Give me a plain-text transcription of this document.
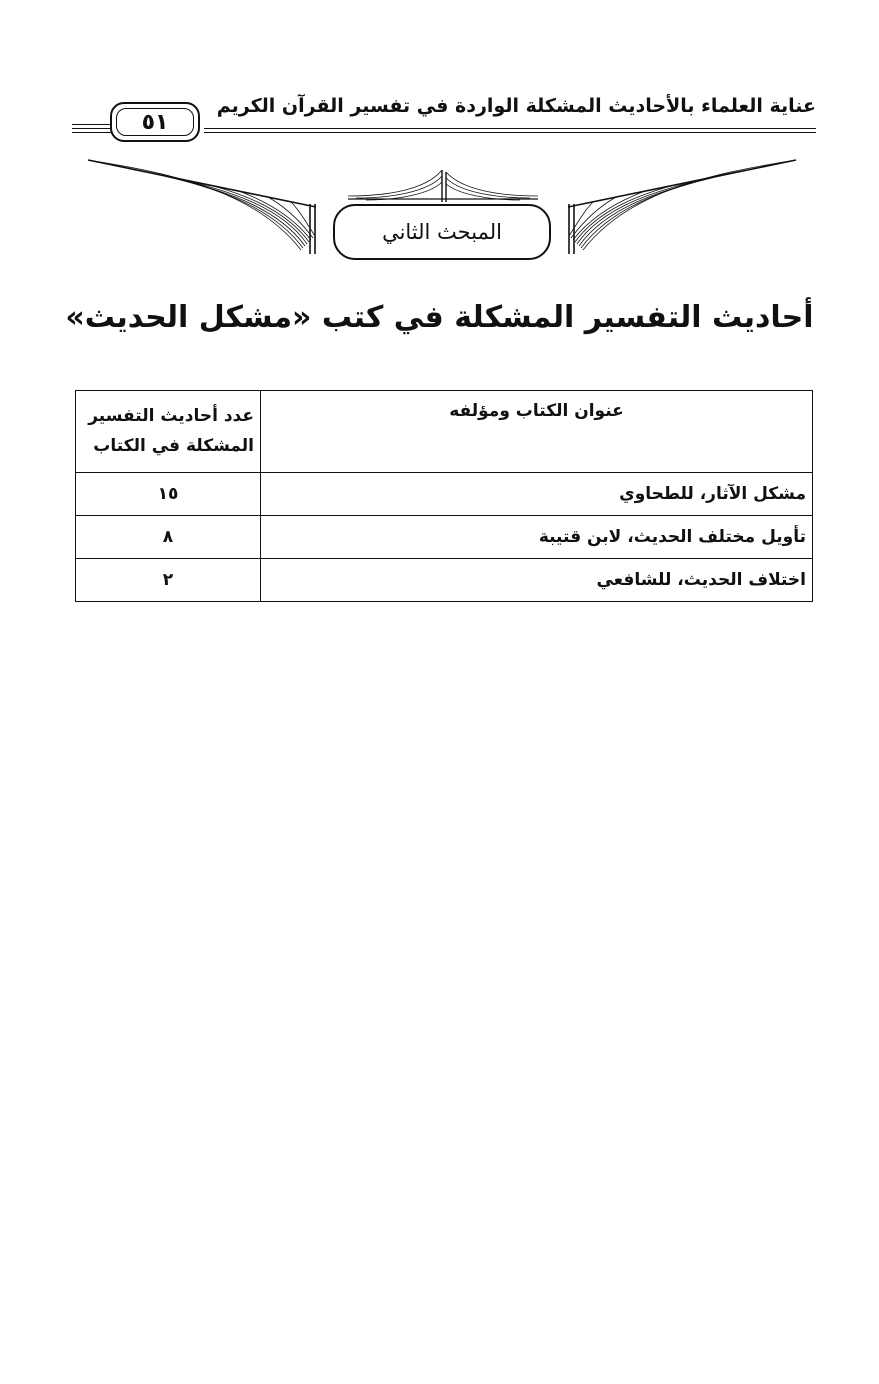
عناية العلماء بالأحاديث المشكلة الواردة في تفسير القرآن الكريم
٥١
المبحث الثاني
أحاديث التفسير المشكلة في كتب «مشكل الحديث»
عنوان الكتاب ومؤلفه	عدد أحاديث التفسير
المشكلة في الكتاب

مشكل الآثار، للطحاوي	١٥
تأويل مختلف الحديث، لابن قتيبة	٨
اختلاف الحديث، للشافعي	٢
